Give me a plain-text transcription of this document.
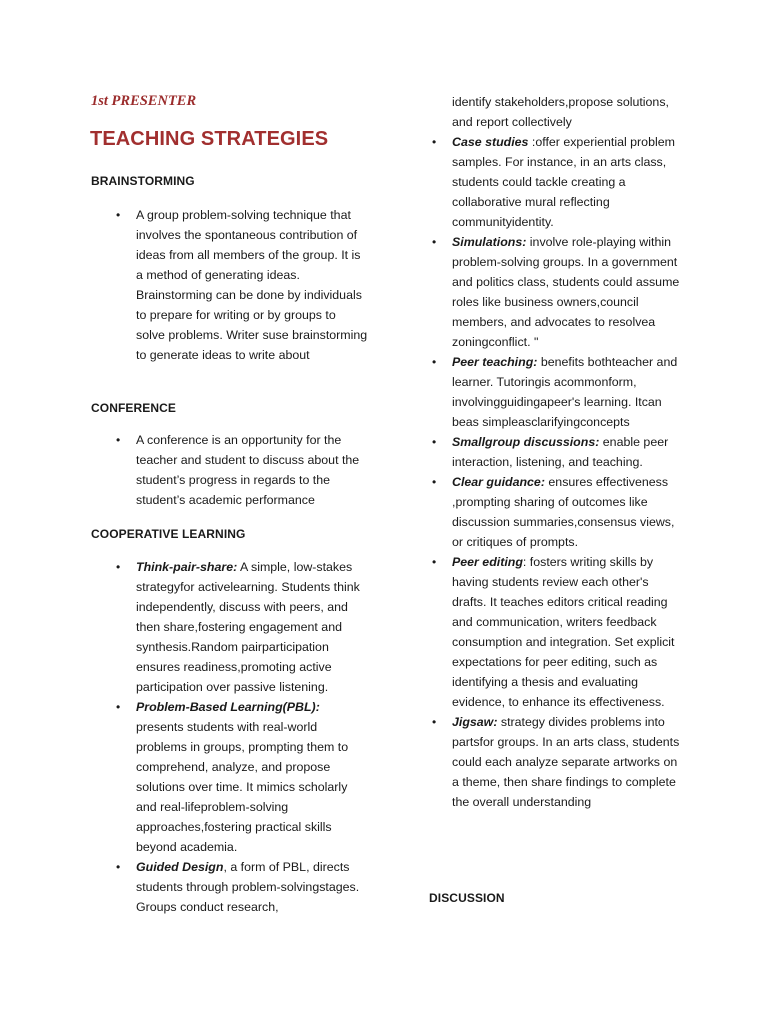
1st PRESENTER
TEACHING STRATEGIES
BRAINSTORMING
• A group problem-solving technique that involves the spontaneous contribution of ideas from all members of the group. It is a method of generating ideas. Brainstorming can be done by individuals to prepare for writing or by groups to solve problems. Writer suse brainstorming to generate ideas to write about
CONFERENCE
• A conference is an opportunity for the teacher and student to discuss about the student’s progress in regards to the student’s academic performance
COOPERATIVE LEARNING
• Think-pair-share: A simple, low-stakes strategyfor activelearning. Students think independently, discuss with peers, and then share,fostering engagement and synthesis.Random pairparticipation ensures readiness,promoting active participation over passive listening.
• Problem-Based Learning(PBL): presents students with real-world problems in groups, prompting them to comprehend, analyze, and propose solutions over time. It mimics scholarly and real-lifeproblem-solving approaches,fostering practical skills beyond academia.
• Guided Design, a form of PBL, directs students through problem-solvingstages. Groups conduct research,

identify stakeholders,propose solutions, and report collectively

• Case studies :offer experiential problem samples. For instance, in an arts class, students could tackle creating a collaborative mural reflecting communityidentity.
• Simulations: involve role-playing within problem-solving groups. In a government and politics class, students could assume roles like business owners,council members, and advocates to resolvea zoningconflict. "
• Peer teaching: benefits bothteacher and learner. Tutoringis acommonform, involvingguidingapeer's learning. Itcan beas simpleasclarifyingconcepts
• Smallgroup discussions: enable peer interaction, listening, and teaching.
• Clear guidance: ensures effectiveness ,prompting sharing of outcomes like discussion summaries,consensus views, or critiques of prompts.
• Peer editing: fosters writing skills by having students review each other's drafts. It teaches editors critical reading and communication, writers feedback consumption and integration. Set explicit expectations for peer editing, such as identifying a thesis and evaluating evidence, to enhance its effectiveness.
• Jigsaw: strategy divides problems into partsfor groups. In an arts class, students could each analyze separate artworks on a theme, then share findings to complete the overall understanding
DISCUSSION
